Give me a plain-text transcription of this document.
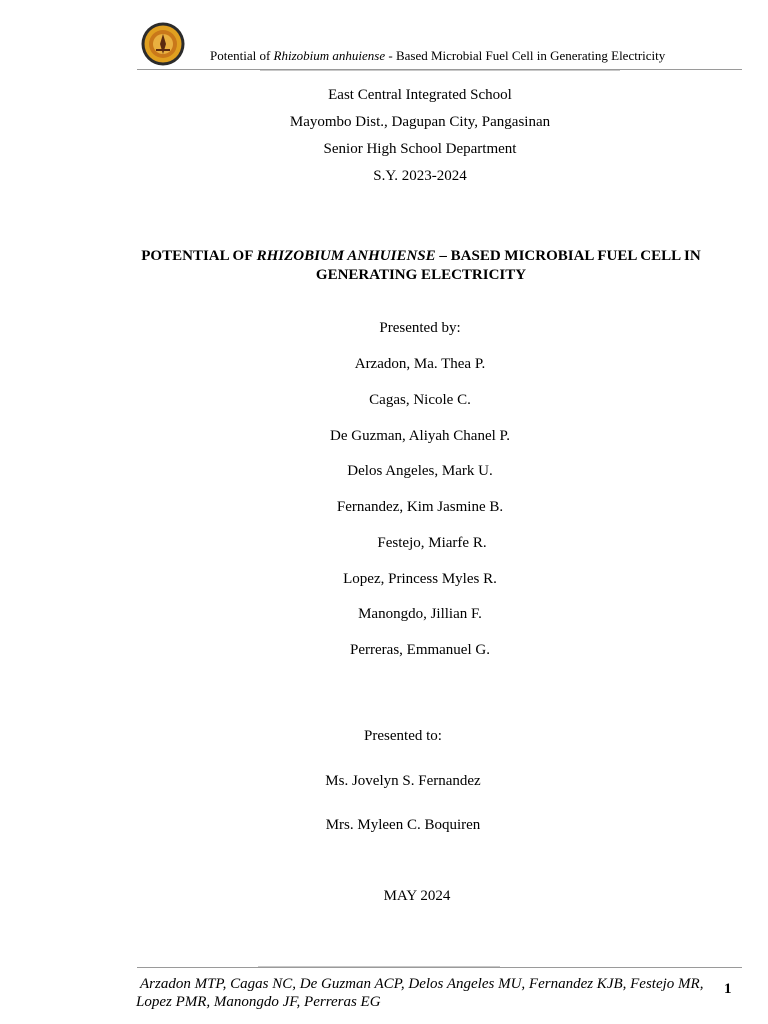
Potential of Rhizobium anhuiense - Based Microbial Fuel Cell in Generating Electricity
East Central Integrated School
Mayombo Dist., Dagupan City, Pangasinan
Senior High School Department
S.Y. 2023-2024
POTENTIAL OF RHIZOBIUM ANHUIENSE – BASED MICROBIAL FUEL CELL IN
GENERATING ELECTRICITY
Presented by:
Arzadon, Ma. Thea P.
Cagas, Nicole C.
De Guzman, Aliyah Chanel P.
Delos Angeles, Mark U.
Fernandez, Kim Jasmine B.
Festejo, Miarfe R.
Lopez, Princess Myles R.
Manongdo, Jillian F.
Perreras, Emmanuel G.
Presented to:
Ms. Jovelyn S. Fernandez
Mrs. Myleen C. Boquiren
MAY 2024
Arzadon MTP, Cagas NC, De Guzman ACP, Delos Angeles MU, Fernandez KJB, Festejo MR, Lopez PMR, Manongdo JF, Perreras EG
1
